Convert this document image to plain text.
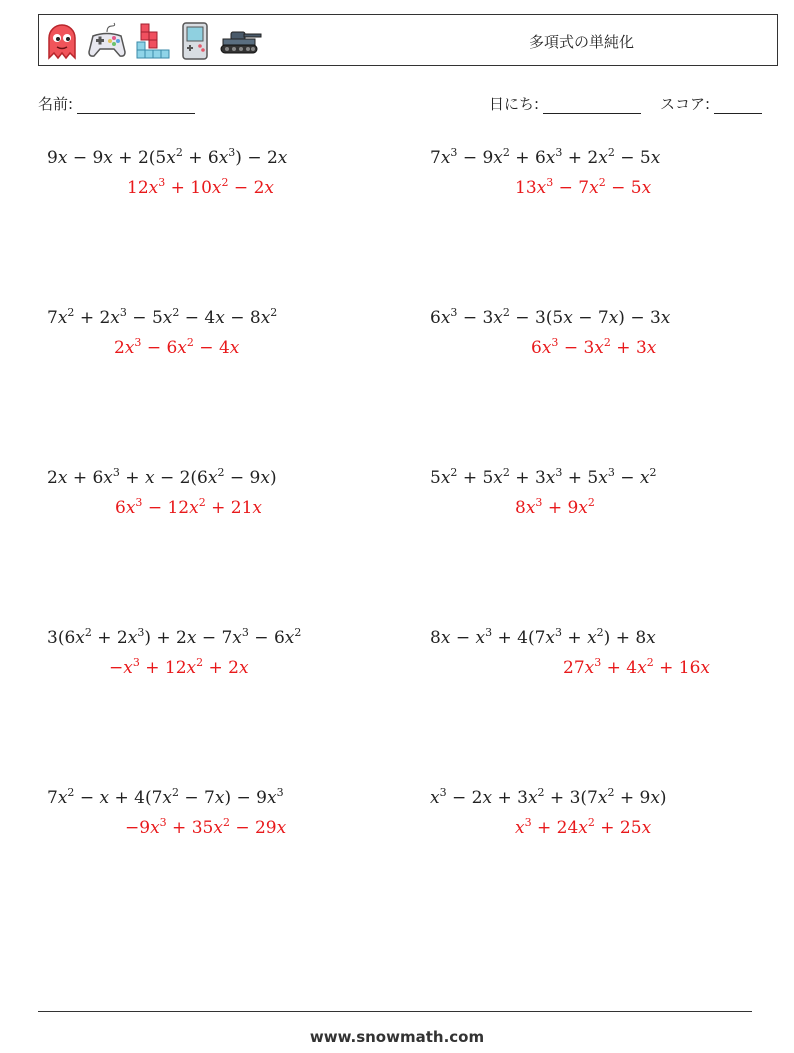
多項式の単純化
名前:	日にち:	スコア:
$9x - 9x + 2(5x^2 + 6x^3) - 2x$
$12x^3 + 10x^2 - 2x$
$7x^3 - 9x^2 + 6x^3 + 2x^2 - 5x$
$13x^3 - 7x^2 - 5x$
$7x^2 + 2x^3 - 5x^2 - 4x - 8x^2$
$2x^3 - 6x^2 - 4x$
$6x^3 - 3x^2 - 3(5x - 7x) - 3x$
$6x^3 - 3x^2 + 3x$
$2x + 6x^3 + x - 2(6x^2 - 9x)$
$6x^3 - 12x^2 + 21x$
$5x^2 + 5x^2 + 3x^3 + 5x^3 - x^2$
$8x^3 + 9x^2$
$3(6x^2 + 2x^3) + 2x - 7x^3 - 6x^2$
$-x^3 + 12x^2 + 2x$
$8x - x^3 + 4(7x^3 + x^2) + 8x$
$27x^3 + 4x^2 + 16x$
$7x^2 - x + 4(7x^2 - 7x) - 9x^3$
$-9x^3 + 35x^2 - 29x$
$x^3 - 2x + 3x^2 + 3(7x^2 + 9x)$
$x^3 + 24x^2 + 25x$
www.snowmath.com
